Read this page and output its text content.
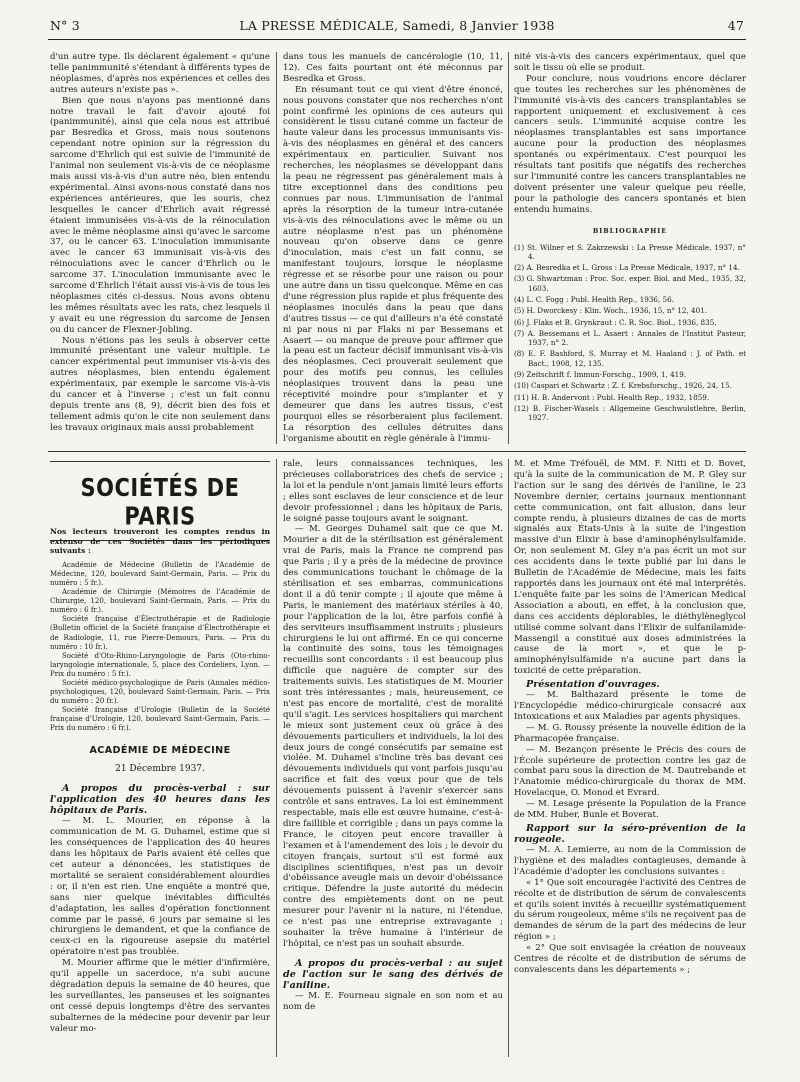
N° 3	LA PRESSE MÉDICALE, Samedi, 8 Janvier 1938	47

d'un autre type. Ils déclarent également « qu'une telle panimmunité s'étendant à différents types de néoplasmes, d'après nos expériences et celles des autres auteurs n'existe pas ».

Bien que nous n'ayons pas mentionné dans notre travail le fait d'avoir ajouté foi (panimmunité), ainsi que cela nous est attribué par Besredka et Gross, mais nous soutenons cependant notre opinion sur la régression du sarcome d'Ehrlich qui est suivie de l'immunité de l'animal non seulement vis-à-vis de ce néoplasme mais aussi vis-à-vis d'un autre néo, bien entendu expérimental. Ainsi avons-nous constaté dans nos expériences antérieures, que les souris, chez lesquelles le cancer d'Ehrlich avait régressé étaient immunisées vis-à-vis de la réinoculation avec le même néoplasme ainsi qu'avec le sarcome 37, ou le cancer 63. L'inoculation immunisante avec le cancer 63 immunisait vis-à-vis des réinoculations avec le cancer d'Ehrlich ou le sarcome 37. L'inoculation immunisante avec le sarcome d'Ehrlich l'était aussi vis-à-vis de tous les néoplasmes cités ci-dessus. Nous avons obtenu les mêmes résultats avec les rats, chez lesquels il y avait eu une régression du sarcome de Jensen ou du cancer de Flexner-Jobling.

Nous n'étions pas les seuls à observer cette immunité présentant une valeur multiple. Le cancer expérimental peut immuniser vis-à-vis des autres néoplasmes, bien entendu également expérimentaux, par exemple le sarcome vis-à-vis du cancer et à l'inverse ; c'est un fait connu depuis trente ans (8, 9), décrit bien des fois et tellement admis qu'on le cite non seulement dans les travaux originaux mais aussi probablement

dans tous les manuels de cancérologie (10, 11, 12). Ces faits pourtant ont été méconnus par Besredka et Gross.

En résumant tout ce qui vient d'être énoncé, nous pouvons constater que nos recherches n'ont point confirmé les opinions de ces auteurs qui considèrent le tissu cutané comme un facteur de haute valeur dans les processus immunisants vis-à-vis des néoplasmes en général et des cancers expérimentaux en particulier. Suivant nos recherches, les néoplasmes se développant dans la peau ne régressent pas généralement mais à titre exceptionnel dans des conditions peu connues par nous. L'immunisation de l'animal après la résorption de la tumeur intra-cutanée vis-à-vis des réinoculations avec le même ou un autre néoplasme n'est pas un phénomène nouveau qu'on observe dans ce genre d'inoculation, mais c'est un fait connu, se manifestant toujours, lorsque le néoplasme régresse et se résorbe pour une raison ou pour une autre dans un tissu quelconque. Même en cas d'une régression plus rapide et plus fréquente des néoplasmes inoculés dans la peau que dans d'autres tissus — ce qui d'ailleurs n'a été constaté ni par nous ni par Flaks ni par Bessemans et Asaert — ou manque de preuve pour affirmer que la peau est un facteur décisif immunisant vis-à-vis des néoplasmes. Ceci prouverait seulement que pour des motifs peu connus, les cellules néoplasiques trouvent dans la peau une réceptivité moindre pour s'implanter et y demeurer que dans les autres tissus, c'est pourquoi elles se résorberaient plus facilement. La résorption des cellules détruites dans l'organisme aboutit en règle générale à l'immu-

nité vis-à-vis des cancers expérimentaux, quel que soit le tissu où elle se produit.

Pour conclure, nous voudrions encore déclarer que toutes les recherches sur les phénomènes de l'immunité vis-à-vis des cancers transplantables se rapportent uniquement et exclusivement à ces cancers seuls. L'immunité acquise contre les néoplasmes transplantables est sans importance aucune pour la production des néoplasmes spontanés ou expérimentaux. C'est pourquoi les résultats tant positifs que négatifs des recherches sur l'immunité contre les cancers transplantables ne doivent présenter une valeur quelque peu réelle, pour la pathologie des cancers spontanés et bien entendu humains.

BIBLIOGRAPHIE
(1) St. Wilner et S. Zakrzewski : La Presse Médicale, 1937, n° 4.
(2) A. Besredka et L. Gross : La Presse Médicale, 1937, n° 14.
(3) G. Shwartzman : Proc. Soc. exper. Biol. and Med., 1935, 32, 1603.
(4) L. C. Fogg : Publ. Health Rep., 1936, 56.
(5) H. Dworckesy : Klin. Woch., 1936, 15, n° 12, 401.
(6) J. Flaks et B. Grynkraut : C. R. Soc. Biol., 1936, 835.
(7) A. Bessemans et L. Asaert : Annales de l'Institut Pasteur, 1937, n° 2.
(8) E. F. Bashford, S. Murray et M. Haaland : J. of Path. et Bact., 1908, 12, 135.
(9) Zeitschrift f. Immun-Forschg., 1909, 1, 419.
(10) Caspari et Schwartz : Z. f. Krebsforschg., 1926, 24, 15.
(11) H. B. Andervont : Publ. Health Rep., 1932, 1859.
(12) B. Fischer-Wasels : Allgemeine Geschwulstlehre, Berlin, 1927.
SOCIÉTÉS DE PARIS
Nos lecteurs trouveront les comptes rendus in extenso de ces Sociétés dans les périodiques suivants :

Académie de Médecine (Bulletin de l'Académie de Médecine, 120, boulevard Saint-Germain, Paris. — Prix du numéro : 5 fr.).

Académie de Chirurgie (Mémoires de l'Académie de Chirurgie, 120, boulevard Saint-Germain, Paris. — Prix du numéro : 6 fr.).

Société française d'Électrothérapie et de Radiologie (Bulletin officiel de la Société française d'Électrothérapie et de Radiologie, 11, rue Pierre-Demours, Paris. — Prix du numéro : 10 fr.).

Société d'Oto-Rhino-Laryngologie de Paris (Oto-rhino-laryngologie internationale, 5, place des Cordeliers, Lyon. — Prix du numéro : 5 fr.).

Société médico-psychologique de Paris (Annales médico-psychologiques, 120, boulevard Saint-Germain, Paris. — Prix du numéro : 20 fr.).

Société française d'Urologie (Bulletin de la Société française d'Urologie, 120, boulevard Saint-Germain, Paris. — Prix du numéro : 6 fr.).

ACADÉMIE DE MÉDECINE
21 Décembre 1937.

A propos du procès-verbal : sur l'application des 40 heures dans les hôpitaux de Paris.

— M. L. Mourier, en réponse à la communication de M. G. Duhamel, estime que si les conséquences de l'application des 40 heures dans les hôpitaux de Paris avaient été celles que cet auteur a dénoncées, les statistiques de mortalité se seraient considérablement alourdies : or, il n'en est rien. Une enquête a montré que, sans nier quelque inévitables difficultés d'adaptation, les salles d'opération fonctionnent comme par le passé, 6 jours par semaine si les chirurgiens le demandent, et que la confiance de ceux-ci en la rigoureuse asepsie du matériel opératoire n'est pas troublée.

M. Mourier affirme que le métier d'infirmière, qu'il appelle un sacerdoce, n'a subi aucune dégradation depuis la semaine de 40 heures, que les surveillantes, les panseuses et les soignantes ont cessé depuis longtemps d'être des servantes subalternes de la médecine pour devenir par leur valeur mo-

rale, leurs connaissances techniques, les précieuses collaboratrices des chefs de service ; la loi et la pendule n'ont jamais limité leurs efforts ; elles sont esclaves de leur conscience et de leur devoir professionnel ; dans les hôpitaux de Paris, le soigné passe toujours avant le soignant.

— M. Georges Duhamel sait que ce que M. Mourier a dit de la stérilisation est généralement vrai de Paris, mais la France ne comprend pas que Paris ; il y a près de la médecine de province des communications touchant le chômage de la stérilisation et ses embarras, communications dont il a dû tenir compte ; il ajoute que même à Paris, le maniement des matériaux stériles à 40, pour l'application de la loi, être parfois confié à des serviteurs insuffisamment instruits ; plusieurs chirurgiens le lui ont affirmé. En ce qui concerne la continuité des soins, tous les témoignages recueillis sont concordants : il est beaucoup plus difficile que naguère de compter sur des traitements suivis. Les statistiques de M. Mourier sont très intéressantes ; mais, heureusement, ce n'est pas encore de mortalité, c'est de moralité qu'il s'agit. Les services hospitaliers qui marchent le mieux sont justement ceux où grâce à des dévouements particuliers et individuels, la loi des deux jours de congé consécutifs par semaine est violée. M. Duhamel s'incline très bas devant ces dévouements individuels qui vont parfois jusqu'au sacrifice et fait des vœux pour que de tels dévouements puissent à l'avenir s'exercer sans contrôle et sans entraves. La loi est éminemment respectable, mais elle est œuvre humaine, c'est-à-dire faillible et corrigible ; dans un pays comme la France, le citoyen peut encore travailler à l'examen et à l'amendement des lois ; le devoir du citoyen français, surtout s'il est formé aux disciplines scientifiques, n'est pas un devoir d'obéissance aveugle mais un devoir d'obéissance critique. Défendre la juste autorité du médecin contre des empiètements dont on ne peut mesurer pour l'avenir ni la nature, ni l'étendue, ce n'est pas une entreprise extravagante ; souhaiter la trêve humaine à l'intérieur de l'hôpital, ce n'est pas un souhait absurde.

A propos du procès-verbal : au sujet de l'action sur le sang des dérivés de l'aniline.

— M. E. Fourneau signale en son nom et au nom de

M. et Mme Tréfouël, de MM. F. Nitti et D. Bovet, qu'à la suite de la communication de M. P. Gley sur l'action sur le sang des dérivés de l'aniline, le 23 Novembre dernier, certains journaux mentionnant cette communication, ont fait allusion, dans leur compte rendu, à plusieurs dizaines de cas de morts signalés aux États-Unis à la suite de l'ingestion massive d'un Elixir à base d'aminophénylsulfamide. Or, non seulement M. Gley n'a pas écrit un mot sur ces accidents dans le texte publié par lui dans le Bulletin de l'Académie de Médecine, mais les faits rapportés dans les journaux ont été mal interprétés. L'enquête faite par les soins de l'American Medical Association a abouti, en effet, à la conclusion que, dans ces accidents déplorables, le diéthylèneglycol utilisé comme solvant dans l'Elixir de sulfanilamide-Massengil a constitué aux doses administrées la cause de la mort », et que le p-aminophénylsulfamide n'a aucune part dans la toxicité de cette préparation.

Présentation d'ouvrages.

— M. Balthazard présente le tome de l'Encyclopédie médico-chirurgicale consacré aux Intoxications et aux Maladies par agents physiques.

— M. G. Roussy présente la nouvelle édition de la Pharmacopée française.

— M. Bezançon présente le Précis des cours de l'École supérieure de protection contre les gaz de combat paru sous la direction de M. Dautrebande et l'Anatomie médico-chirurgicale du thorax de MM. Hovelacque, O. Monod et Evrard.

— M. Lesage présente la Population de la France de MM. Huber, Bunle et Boverat.

Rapport sur la séro-prévention de la rougeole.

— M. A. Lemierre, au nom de la Commission de l'hygiène et des maladies contagieuses, demande à l'Académie d'adopter les conclusions suivantes :

« 1° Que soit encouragée l'activité des Centres de récolte et de distribution de sérum de convalescents et qu'ils soient invités à recueillir systématiquement du sérum rougeoleux, même s'ils ne reçoivent pas de demandes de sérum de la part des médecins de leur région » ;

« 2° Que soit envisagée la création de nouveaux Centres de récolte et de distribution de sérums de convalescents dans les départements » ;
